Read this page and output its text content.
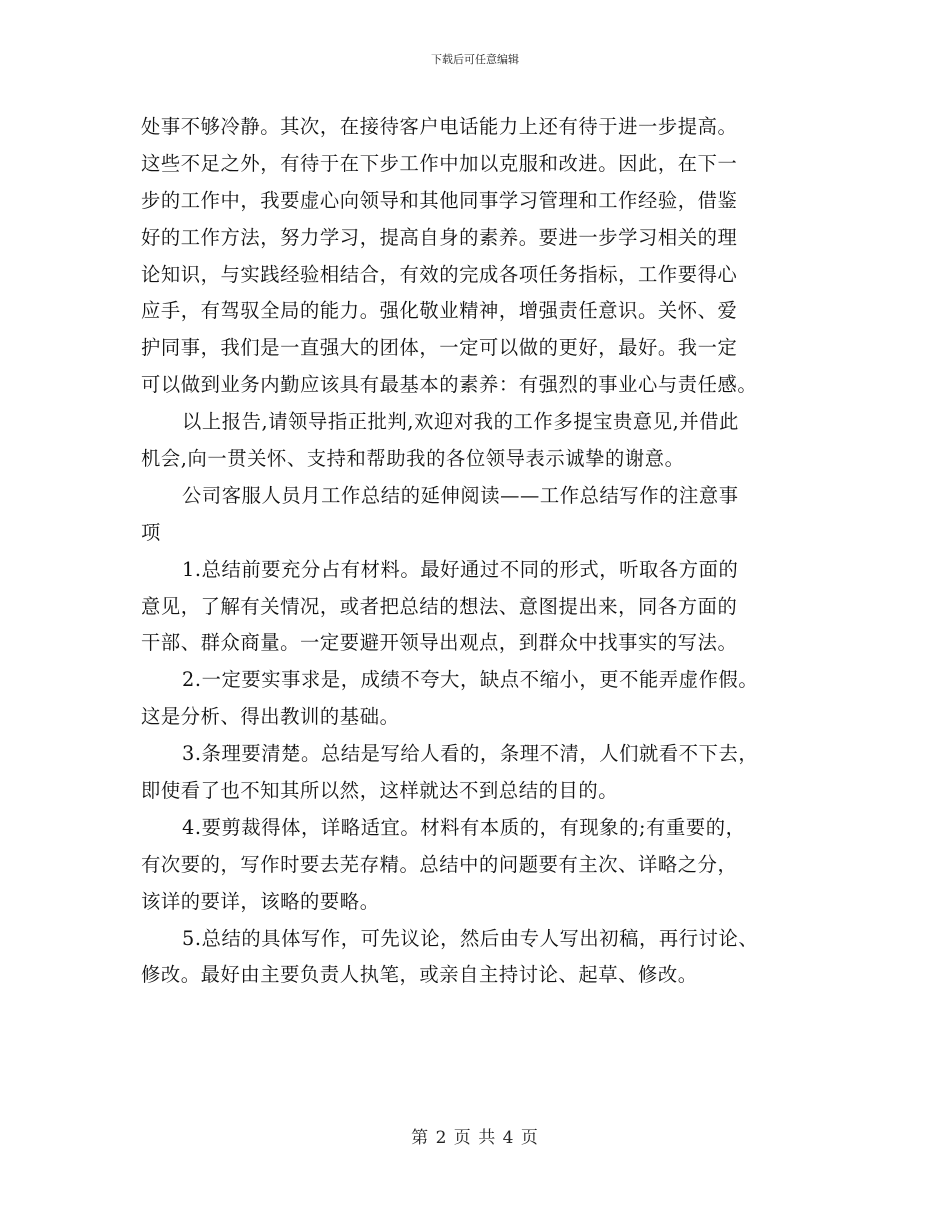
下载后可任意编辑
处事不够冷静。其次，在接待客户电话能力上还有待于进一步提高。
这些不足之外，有待于在下步工作中加以克服和改进。因此，在下一
步的工作中，我要虚心向领导和其他同事学习管理和工作经验，借鉴
好的工作方法，努力学习，提高自身的素养。要进一步学习相关的理
论知识，与实践经验相结合，有效的完成各项任务指标，工作要得心
应手，有驾驭全局的能力。强化敬业精神，增强责任意识。关怀、爱
护同事，我们是一直强大的团体，一定可以做的更好，最好。我一定
可以做到业务内勤应该具有最基本的素养：有强烈的事业心与责任感。
以上报告,请领导指正批判,欢迎对我的工作多提宝贵意见,并借此
机会,向一贯关怀、支持和帮助我的各位领导表示诚挚的谢意。
公司客服人员月工作总结的延伸阅读——工作总结写作的注意事
项
1.总结前要充分占有材料。最好通过不同的形式，听取各方面的
意见，了解有关情况，或者把总结的想法、意图提出来，同各方面的
干部、群众商量。一定要避开领导出观点，到群众中找事实的写法。
2.一定要实事求是，成绩不夸大，缺点不缩小，更不能弄虚作假。
这是分析、得出教训的基础。
3.条理要清楚。总结是写给人看的，条理不清，人们就看不下去，
即使看了也不知其所以然，这样就达不到总结的目的。
4.要剪裁得体，详略适宜。材料有本质的，有现象的;有重要的，
有次要的，写作时要去芜存精。总结中的问题要有主次、详略之分，
该详的要详，该略的要略。
5.总结的具体写作，可先议论，然后由专人写出初稿，再行讨论、
修改。最好由主要负责人执笔，或亲自主持讨论、起草、修改。
第 2 页 共 4 页
